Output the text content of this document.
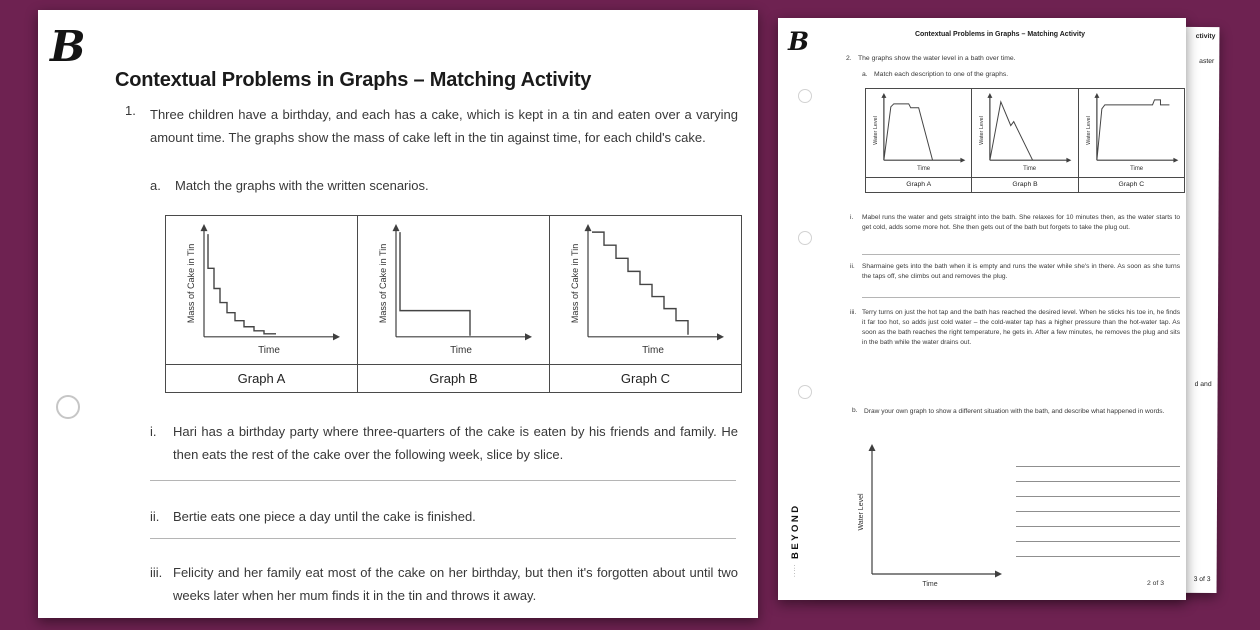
ctivity
aster
d and
3 of 3
B	Contextual Problems in Graphs – Matching Activity
2. The graphs show the water level in a bath over time.
a. Match each description to one of the graphs.
Water Level
Time
Graph A
Water Level
Time
Graph B
Water Level
Time
Graph C
i. Mabel runs the water and gets straight into the bath. She relaxes for 10 minutes then, as the water starts to get cold, adds some more hot. She then gets out of the bath but forgets to take the plug out.
ii. Sharmaine gets into the bath when it is empty and runs the water while she's in there. As soon as she turns the taps off, she climbs out and removes the plug.
iii. Terry turns on just the hot tap and the bath has reached the desired level. When he sticks his toe in, he finds it far too hot, so adds just cold water – the cold-water tap has a higher pressure than the hot-water tap. As soon as the bath reaches the right temperature, he gets in. After a few minutes, he removes the plug and sits in the bath while the water drains out.
b. Draw your own graph to show a different situation with the bath, and describe what happened in words.
Water Level
Time
BEYOND
·····
2 of 3
B
Contextual Problems in Graphs – Matching Activity
1. Three children have a birthday, and each has a cake, which is kept in a tin and eaten over a varying amount time. The graphs show the mass of cake left in the tin against time, for each child's cake.
a. Match the graphs with the written scenarios.
Mass of Cake in Tin
Time
Graph A
Mass of Cake in Tin
Time
Graph B
Mass of Cake in Tin
Time
Graph C
i. Hari has a birthday party where three-quarters of the cake is eaten by his friends and family. He then eats the rest of the cake over the following week, slice by slice.
ii. Bertie eats one piece a day until the cake is finished.
iii. Felicity and her family eat most of the cake on her birthday, but then it's forgotten about until two weeks later when her mum finds it in the tin and throws it away.
